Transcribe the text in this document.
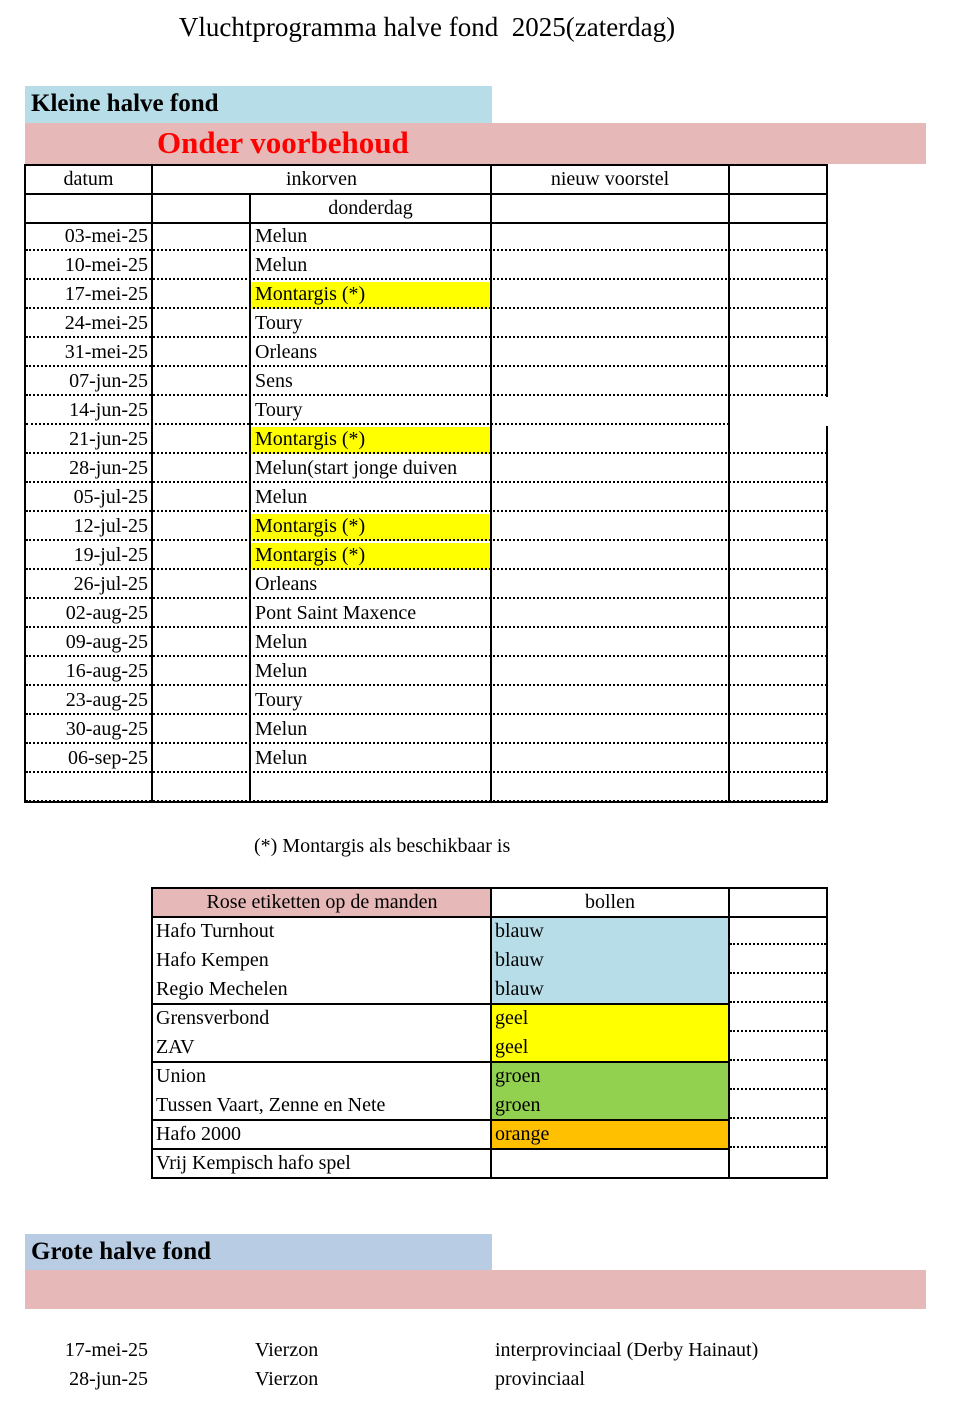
Vluchtprogramma halve fond  2025(zaterdag)
Kleine halve fond
Onder voorbehoud
datum	inkorven	nieuw voorstel
donderdag
03-mei-25	Melun
10-mei-25	Melun
17-mei-25	Montargis (*)
24-mei-25	Toury
31-mei-25	Orleans
07-jun-25	Sens
14-jun-25	Toury
21-jun-25	Montargis (*)
28-jun-25	Melun(start jonge duiven
05-jul-25	Melun
12-jul-25	Montargis (*)
19-jul-25	Montargis (*)
26-jul-25	Orleans
02-aug-25	Pont Saint Maxence
09-aug-25	Melun
16-aug-25	Melun
23-aug-25	Toury
30-aug-25	Melun
06-sep-25	Melun
(*) Montargis als beschikbaar is
Rose etiketten op de manden	bollen
Hafo Turnhout	blauw
Hafo Kempen	blauw
Regio Mechelen	blauw
Grensverbond	geel
ZAV	geel
Union	groen
Tussen Vaart, Zenne en Nete	groen
Hafo 2000	orange
Vrij Kempisch hafo spel
Grote halve fond
17-mei-25	Vierzon	interprovinciaal (Derby Hainaut)
28-jun-25	Vierzon	provinciaal
